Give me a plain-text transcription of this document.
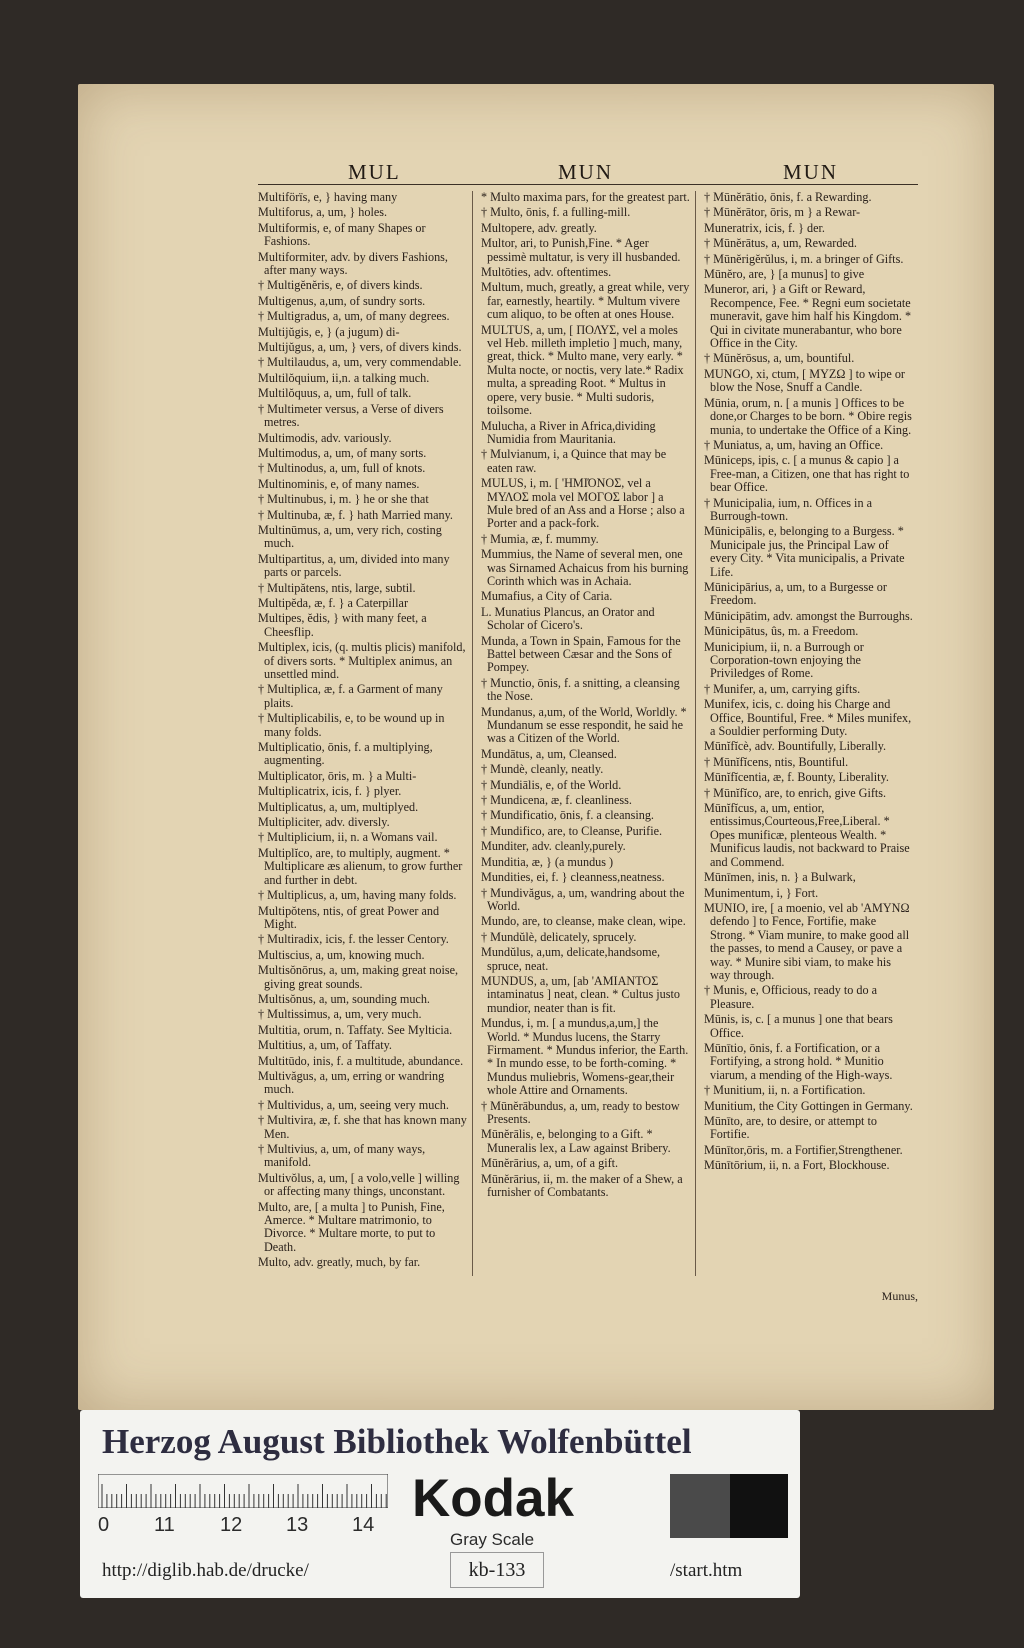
MUL	MUN	MUN
Multiförïs, e, } having many
Multiforus, a, um, } holes.
Multiformis, e, of many Shapes or Fashions.
Multiformiter, adv. by divers Fashions, after many ways.
† Multigĕnĕris, e, of divers kinds.
Multigenus, a,um, of sundry sorts.
† Multigradus, a, um, of many degrees.
Multijŭgis, e, } (a jugum) di-
Multijŭgus, a, um, } vers, of divers kinds.
† Multilaudus, a, um, very commendable.
Multilŏquium, ii,n. a talking much.
Multilŏquus, a, um, full of talk.
† Multimeter versus, a Verse of divers metres.
Multimodis, adv. variously.
Multimodus, a, um, of many sorts.
† Multinodus, a, um, full of knots.
Multinominis, e, of many names.
† Multinubus, i, m. } he or she that
† Multinuba, æ, f. } hath Married many.
Multinūmus, a, um, very rich, costing much.
Multipartitus, a, um, divided into many parts or parcels.
† Multipătens, ntis, large, subtil.
Multipĕda, æ, f. } a Caterpillar
Multipes, ĕdis, } with many feet, a Cheesflip.
Multiplex, icis, (q. multis plicis) manifold, of divers sorts. * Multiplex animus, an unsettled mind.
† Multiplica, æ, f. a Garment of many plaits.
† Multiplicabilis, e, to be wound up in many folds.
Multiplicatio, ōnis, f. a multiplying, augmenting.
Multiplicator, ōris, m. } a Multi-
Multiplicatrix, icis, f. } plyer.
Multiplicatus, a, um, multiplyed.
Multipliciter, adv. diversly.
† Multiplicium, ii, n. a Womans vail.
Multiplĭco, are, to multiply, augment. * Multiplicare æs alienum, to grow further and further in debt.
† Multiplicus, a, um, having many folds.
Multipŏtens, ntis, of great Power and Might.
† Multiradix, icis, f. the lesser Centory.
Multiscius, a, um, knowing much.
Multisŏnōrus, a, um, making great noise, giving great sounds.
Multisŏnus, a, um, sounding much.
† Multissimus, a, um, very much.
Multitia, orum, n. Taffaty. See Mylticia.
Multitius, a, um, of Taffaty.
Multitūdo, inis, f. a multitude, abundance.
Multivăgus, a, um, erring or wandring much.
† Multividus, a, um, seeing very much.
† Multivira, æ, f. she that has known many Men.
† Multivius, a, um, of many ways, manifold.
Multivŏlus, a, um, [ a volo,velle ] willing or affecting many things, unconstant.
Multo, are, [ a multa ] to Punish, Fine, Amerce. * Multare matrimonio, to Divorce. * Multare morte, to put to Death.
Multo, adv. greatly, much, by far.
* Multo maxima pars, for the greatest part.
† Multo, ōnis, f. a fulling-mill.
Multopere, adv. greatly.
Multor, ari, to Punish,Fine. * Ager pessimè multatur, is very ill husbanded.
Multōties, adv. oftentimes.
Multum, much, greatly, a great while, very far, earnestly, heartily. * Multum vivere cum aliquo, to be often at ones House.
MULTUS, a, um, [ ΠΟΛΥΣ, vel a moles vel Heb. milleth impletio ] much, many, great, thick. * Multo mane, very early. * Multa nocte, or noctis, very late.* Radix multa, a spreading Root. * Multus in opere, very busie. * Multi sudoris, toilsome.
Mulucha, a River in Africa,dividing Numidia from Mauritania.
† Mulvianum, i, a Quince that may be eaten raw.
MULUS, i, m. [ 'ΗΜΙΌΝΟΣ, vel a ΜΥΛΟΣ mola vel ΜΟΓΟΣ labor ] a Mule bred of an Ass and a Horse ; also a Porter and a pack-fork.
† Mumia, æ, f. mummy.
Mummius, the Name of several men, one was Sirnamed Achaicus from his burning Corinth which was in Achaia.
Mumafius, a City of Caria.
L. Munatius Plancus, an Orator and Scholar of Cicero's.
Munda, a Town in Spain, Famous for the Battel between Cæsar and the Sons of Pompey.
† Munctio, ōnis, f. a snitting, a cleansing the Nose.
Mundanus, a,um, of the World, Worldly. * Mundanum se esse respondit, he said he was a Citizen of the World.
Mundātus, a, um, Cleansed.
† Mundè, cleanly, neatly.
† Mundiālis, e, of the World.
† Mundicena, æ, f. cleanliness.
† Mundificatio, ōnis, f. a cleansing.
† Mundifico, are, to Cleanse, Purifie.
Munditer, adv. cleanly,purely.
Munditia, æ, } (a mundus )
Mundities, ei, f. } cleanness,neatness.
† Mundivăgus, a, um, wandring about the World.
Mundo, are, to cleanse, make clean, wipe.
† Mundŭlè, delicately, sprucely.
Mundŭlus, a,um, delicate,handsome, spruce, neat.
MUNDUS, a, um, [ab 'ΑΜΙΑΝΤΟΣ intaminatus ] neat, clean. * Cultus justo mundior, neater than is fit.
Mundus, i, m. [ a mundus,a,um,] the World. * Mundus lucens, the Starry Firmament. * Mundus inferior, the Earth. * In mundo esse, to be forth-coming. * Mundus muliebris, Womens-gear,their whole Attire and Ornaments.
† Mūnĕrābundus, a, um, ready to bestow Presents.
Mūnĕrālis, e, belonging to a Gift. * Muneralis lex, a Law against Bribery.
Mūnĕrārius, a, um, of a gift.
Mūnĕrārius, ii, m. the maker of a Shew, a furnisher of Combatants.
† Mūnĕrātio, ōnis, f. a Rewarding.
† Mūnĕrātor, ōris, m } a Rewar-
Muneratrix, icis, f. } der.
† Mūnĕrātus, a, um, Rewarded.
† Mūnĕrigĕrŭlus, i, m. a bringer of Gifts.
Mūnĕro, are, } [a munus] to give
Muneror, ari, } a Gift or Reward, Recompence, Fee. * Regni eum societate muneravit, gave him half his Kingdom. * Qui in civitate munerabantur, who bore Office in the City.
† Mūnĕrōsus, a, um, bountiful.
MUNGO, xi, ctum, [ ΜΥΖΩ ] to wipe or blow the Nose, Snuff a Candle.
Mūnia, orum, n. [ a munis ] Offices to be done,or Charges to be born. * Obire regis munia, to undertake the Office of a King.
† Muniatus, a, um, having an Office.
Mūniceps, ipis, c. [ a munus & capio ] a Free-man, a Citizen, one that has right to bear Office.
† Municipalia, ium, n. Offices in a Burrough-town.
Mūnicipālis, e, belonging to a Burgess. * Municipale jus, the Principal Law of every City. * Vita municipalis, a Private Life.
Mūnicipārius, a, um, to a Burgesse or Freedom.
Mūnicipātim, adv. amongst the Burroughs.
Mūnicipātus, ûs, m. a Freedom.
Municipium, ii, n. a Burrough or Corporation-town enjoying the Priviledges of Rome.
† Munifer, a, um, carrying gifts.
Munifex, icis, c. doing his Charge and Office, Bountiful, Free. * Miles munifex, a Souldier performing Duty.
Mūnĭfĭcè, adv. Bountifully, Liberally.
† Mūnĭfĭcens, ntis, Bountiful.
Mūnĭfĭcentia, æ, f. Bounty, Liberality.
† Mūnĭfĭco, are, to enrich, give Gifts.
Mūnĭfĭcus, a, um, entior, entissimus,Courteous,Free,Liberal. * Opes munificæ, plenteous Wealth. * Munificus laudis, not backward to Praise and Commend.
Mūnīmen, inis, n. } a Bulwark,
Munimentum, i, } Fort.
MUNIO, ire, [ a moenio, vel ab 'ΑΜΥΝΩ defendo ] to Fence, Fortifie, make Strong. * Viam munire, to make good all the passes, to mend a Causey, or pave a way. * Munire sibi viam, to make his way through.
† Munis, e, Officious, ready to do a Pleasure.
Mūnis, is, c. [ a munus ] one that bears Office.
Mūnītio, ōnis, f. a Fortification, or a Fortifying, a strong hold. * Munitio viarum, a mending of the High-ways.
† Munitium, ii, n. a Fortification.
Munitium, the City Gottingen in Germany.
Mūnīto, are, to desire, or attempt to Fortifie.
Mūnītor,ōris, m. a Fortifier,Strengthener.
Mūnītōrium, ii, n. a Fort, Blockhouse.
Munus,
Herzog August Bibliothek Wolfenbüttel
0 11 12 13 14 Kodak
Gray Scale
http://diglib.hab.de/drucke/	kb-133	/start.htm
